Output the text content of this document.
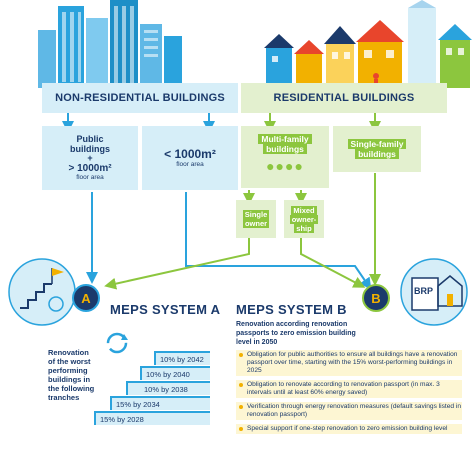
NON-RESIDENTIAL BUILDINGS	RESIDENTIAL BUILDINGS
Public
buildings
+
> 1000m²
floor area
< 1000m²
floor area
Multi-family
buildings
●●●●
Single-family
buildings
Single
owner
Mixed
owner-
ship
BRP
A
MEPS SYSTEM A
Renovation
of the worst
performing
buildings in
the following
tranches
10% by 2042
10% by 2040
10% by 2038
15% by 2034
15% by 2028
B
MEPS SYSTEM B
Renovation according renovation
passports to zero emission building
level in 2050
Obligation for public authorities to ensure all buildings have a renovation passport over time, starting with the 15% worst-performing buildings in 2025
Obligation to renovate according to renovation passport (in max. 3 intervals until at least 60% energy saved)
Verification through energy renovation measures (default savings listed in renovation passport)
Special support if one-step renovation to zero emission building level
